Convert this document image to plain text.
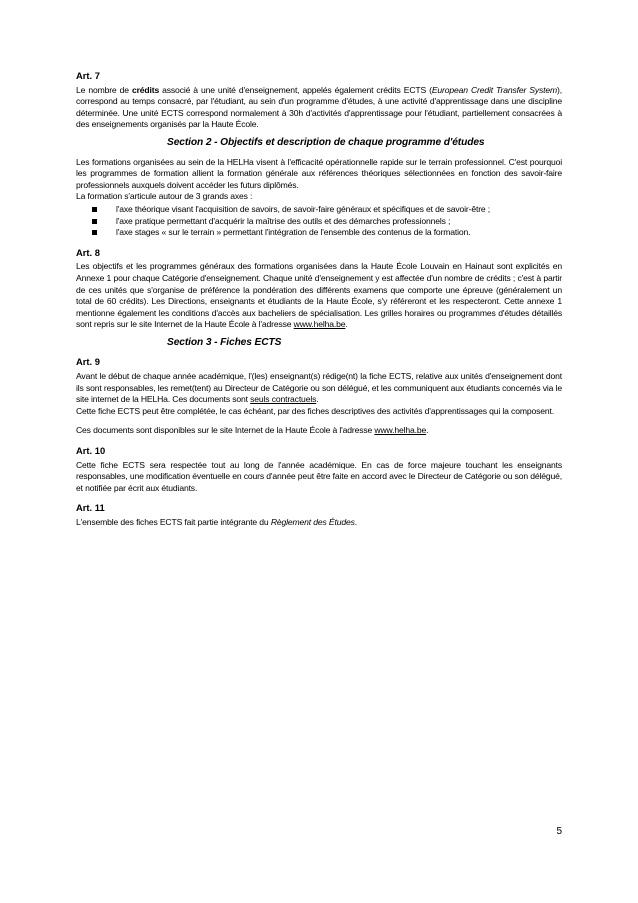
Art. 7

Le nombre de crédits associé à une unité d'enseignement, appelés également crédits ECTS (European Credit Transfer System), correspond au temps consacré, par l'étudiant, au sein d'un programme d'études, à une activité d'apprentissage dans une discipline déterminée. Une unité ECTS correspond normalement à 30h d'activités d'apprentissage pour l'étudiant, partiellement consacrées à des enseignements organisés par la Haute École.

Section 2 - Objectifs et description de chaque programme d'études

Les formations organisées au sein de la HELHa visent à l'efficacité opérationnelle rapide sur le terrain professionnel. C'est pourquoi les programmes de formation allient la formation générale aux références théoriques sélectionnées en fonction des savoir-faire professionnels auxquels doivent accéder les futurs diplômés.

La formation s'articule autour de 3 grands axes :

l'axe théorique visant l'acquisition de savoirs, de savoir-faire généraux et spécifiques et de savoir-être ;
l'axe pratique permettant d'acquérir la maîtrise des outils et des démarches professionnels ;
l'axe stages « sur le terrain » permettant l'intégration de l'ensemble des contenus de la formation.
Art. 8

Les objectifs et les programmes généraux des formations organisées dans la Haute École Louvain en Hainaut sont explicités en Annexe 1 pour chaque Catégorie d'enseignement. Chaque unité d'enseignement y est affectée d'un nombre de crédits ; c'est à partir de ces unités que s'organise de préférence la pondération des différents examens que comporte une épreuve (généralement un total de 60 crédits). Les Directions, enseignants et étudiants de la Haute École, s'y référeront et les respecteront. Cette annexe 1 mentionne également les conditions d'accès aux bacheliers de spécialisation. Les grilles horaires ou programmes d'études détaillés sont repris sur le site Internet de la Haute École à l'adresse www.helha.be.

Section 3 - Fiches ECTS
Art. 9

Avant le début de chaque année académique, l'(les) enseignant(s) rédige(nt) la fiche ECTS, relative aux unités d'enseignement dont ils sont responsables, les remet(tent) au Directeur de Catégorie ou son délégué, et les communiquent aux étudiants concernés via le site internet de la HELHa. Ces documents sont seuls contractuels.

Cette fiche ECTS peut être complétée, le cas échéant, par des fiches descriptives des activités d'apprentissages qui la composent.

Ces documents sont disponibles sur le site Internet de la Haute École à l'adresse www.helha.be.

Art. 10

Cette fiche ECTS sera respectée tout au long de l'année académique. En cas de force majeure touchant les enseignants responsables, une modification éventuelle en cours d'année peut être faite en accord avec le Directeur de Catégorie ou son délégué, et notifiée par écrit aux étudiants.

Art. 11

L'ensemble des fiches ECTS fait partie intégrante du Règlement des Études.

5
